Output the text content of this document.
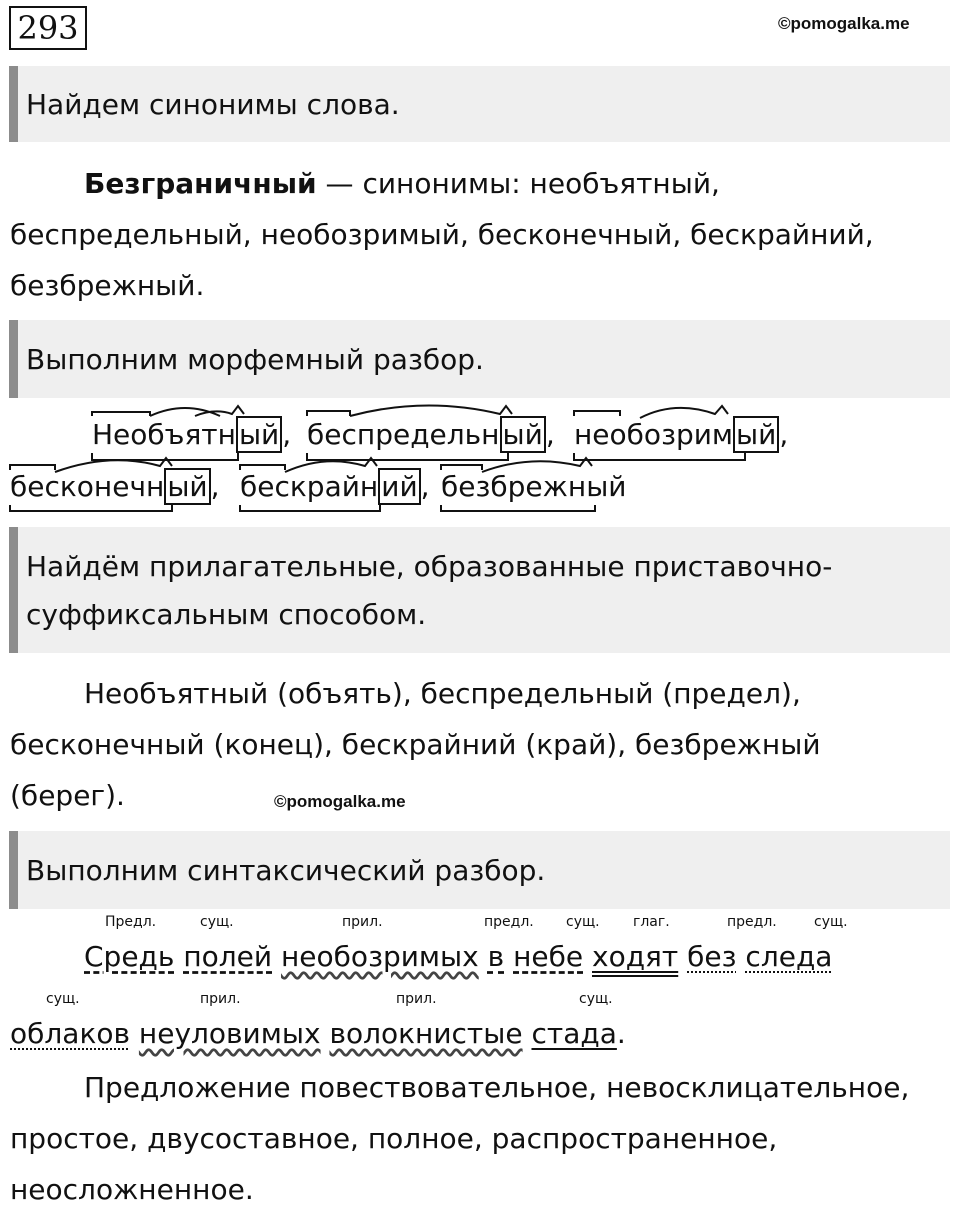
293	©pomogalka.me
Найдем синонимы слова.
Безграничный — синонимы: необъятный,
беспредельный, необозримый, бесконечный, бескрайний,
безбрежный.
Выполним морфемный разбор.
Необъятн ый , беспредельн ый , необозрим ый ,
бесконечн ый , бескрайн ий , безбрежный
Найдём прилагательные, образованные приставочно-
суффиксальным способом.
Необъятный (объять), беспредельный (предел),
бесконечный (конец), бескрайний (край), безбрежный
(берег).	©pomogalka.me
Выполним синтаксический разбор.
Предл.	сущ.	прил.	предл. сущ. глаг.	предл.	сущ.
Средь полей необозримых в небе ходят без следа
сущ.	прил.	прил.	сущ.
облаков неуловимых волокнистые стада.
Предложение повествовательное, невосклицательное,
простое, двусоставное, полное, распространенное,
неосложненное.
